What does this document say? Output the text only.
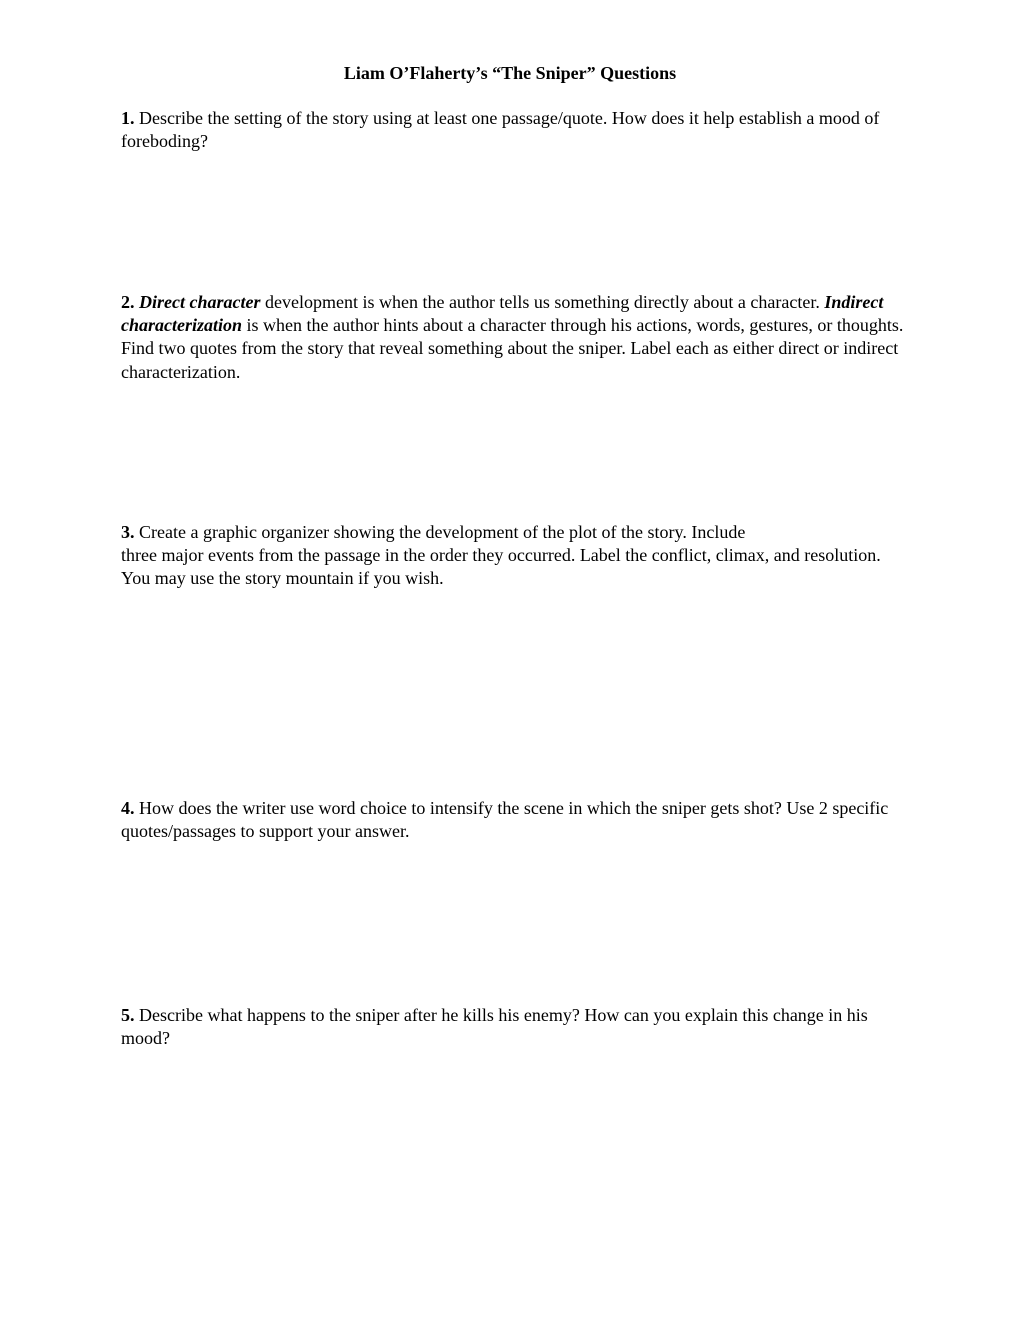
Liam O’Flaherty’s “The Sniper” Questions

1. Describe the setting of the story using at least one passage/quote. How does it help establish a mood of foreboding?

2. Direct character development is when the author tells us something directly about a character. Indirect characterization is when the author hints about a character through his actions, words, gestures, or thoughts. Find two quotes from the story that reveal something about the sniper. Label each as either direct or indirect characterization.

3. Create a graphic organizer showing the development of the plot of the story. Include
three major events from the passage in the order they occurred. Label the conflict, climax, and resolution. You may use the story mountain if you wish.

4. How does the writer use word choice to intensify the scene in which the sniper gets shot? Use 2 specific quotes/passages to support your answer.

5. Describe what happens to the sniper after he kills his enemy? How can you explain this change in his mood?
